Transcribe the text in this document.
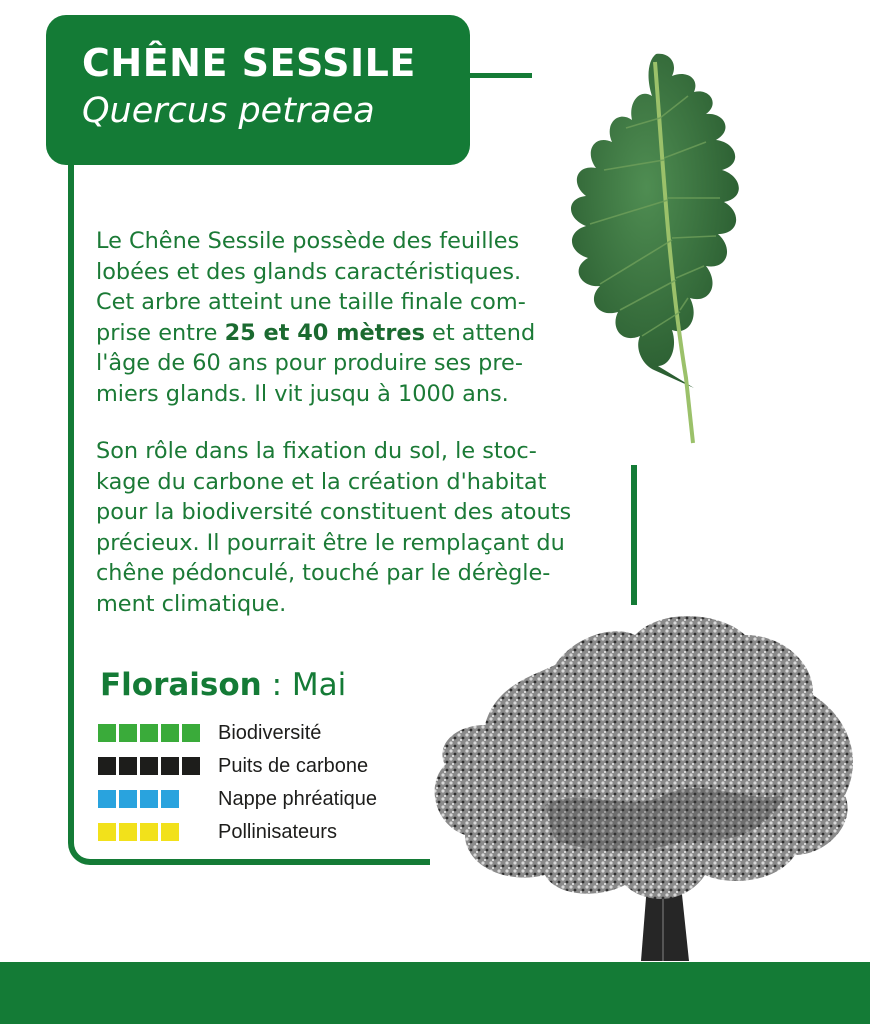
CHÊNE SESSILE
Quercus petraea
Le Chêne Sessile possède des feuilles
lobées et des glands caractéristiques.
Cet arbre atteint une taille finale com-
prise entre 25 et 40 mètres et attend
l'âge de 60 ans pour produire ses pre-
miers glands. Il vit jusqu à 1000 ans.
Son rôle dans la fixation du sol, le stoc-
kage du carbone et la création d'habitat
pour la biodiversité constituent des atouts
précieux. Il pourrait être le remplaçant du
chêne pédonculé, touché par le dérègle-
ment climatique.
Floraison : Mai
Biodiversité
Puits de carbone
Nappe phréatique
Pollinisateurs
